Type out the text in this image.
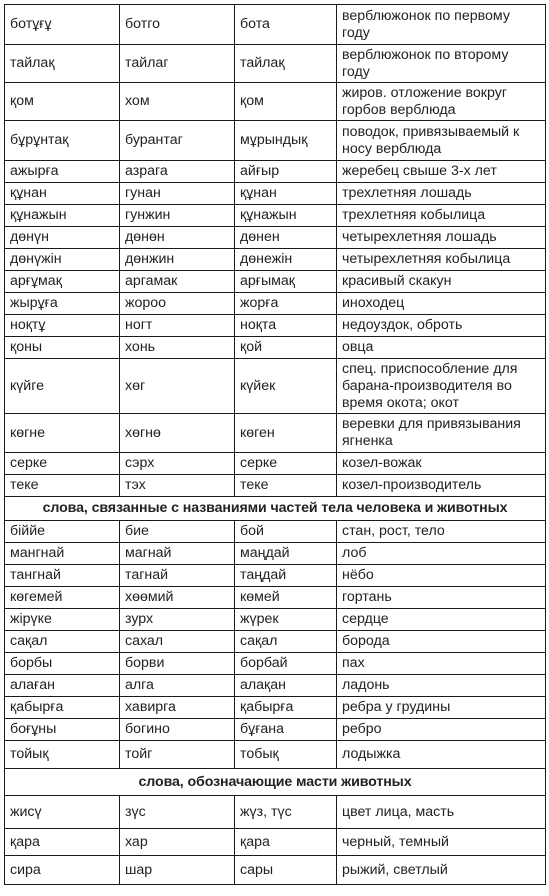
ботұғұ	ботго	бота	верблюжонок по первому году
тайлақ	тайлаг	тайлақ	верблюжонок по второму году
қом	хом	қом	жиров. отложение вокруг горбов верблюда
бұрұнтақ	бурантаг	мұрындық	поводок, привязываемый к носу верблюда
ажырға	азрага	айғыр	жеребец свыше 3-х лет
құнан	гунан	құнан	трехлетняя лошадь
құнажын	гунжин	құнажын	трехлетняя кобылица
дөнүн	дөнөн	дөнен	четырехлетняя лошадь
дөнүжін	дөнжин	дөнежін	четырехлетняя кобылица
арғұмақ	аргамак	арғымақ	красивый скакун
жырұға	жороо	жорға	иноходец
ноқтұ	ногт	ноқта	недоуздок, оброть
қоны	хонь	қой	овца
күйге	хөг	күйек	спец. приспособление для барана-производителя во время окота; окот
көгне	хөгнө	көген	веревки для привязывания ягненка
серке	сэрх	серке	козел-вожак
теке	тэх	теке	козел-производитель
слова, связанные с названиями частей тела человека и животных			
біййе	бие	бой	стан, рост, тело
мангнай	магнай	маңдай	лоб
тангнай	тагнай	таңдай	нёбо
көгемей	хөөмий	көмей	гортань
жірүке	зурх	жүрек	сердце
сақал	сахал	сақал	борода
борбы	борви	борбай	пах
алаған	алга	алақан	ладонь
қабырға	хавирга	қабырға	ребра у грудины
боғұны	богино	бұғана	ребро
тойық	тойг	тобық	лодыжка
слова, обозначающие масти животных			
жисү	зүс	жүз, түс	цвет лица, масть
қара	хар	қара	черный, темный
сира	шар	сары	рыжий, светлый
